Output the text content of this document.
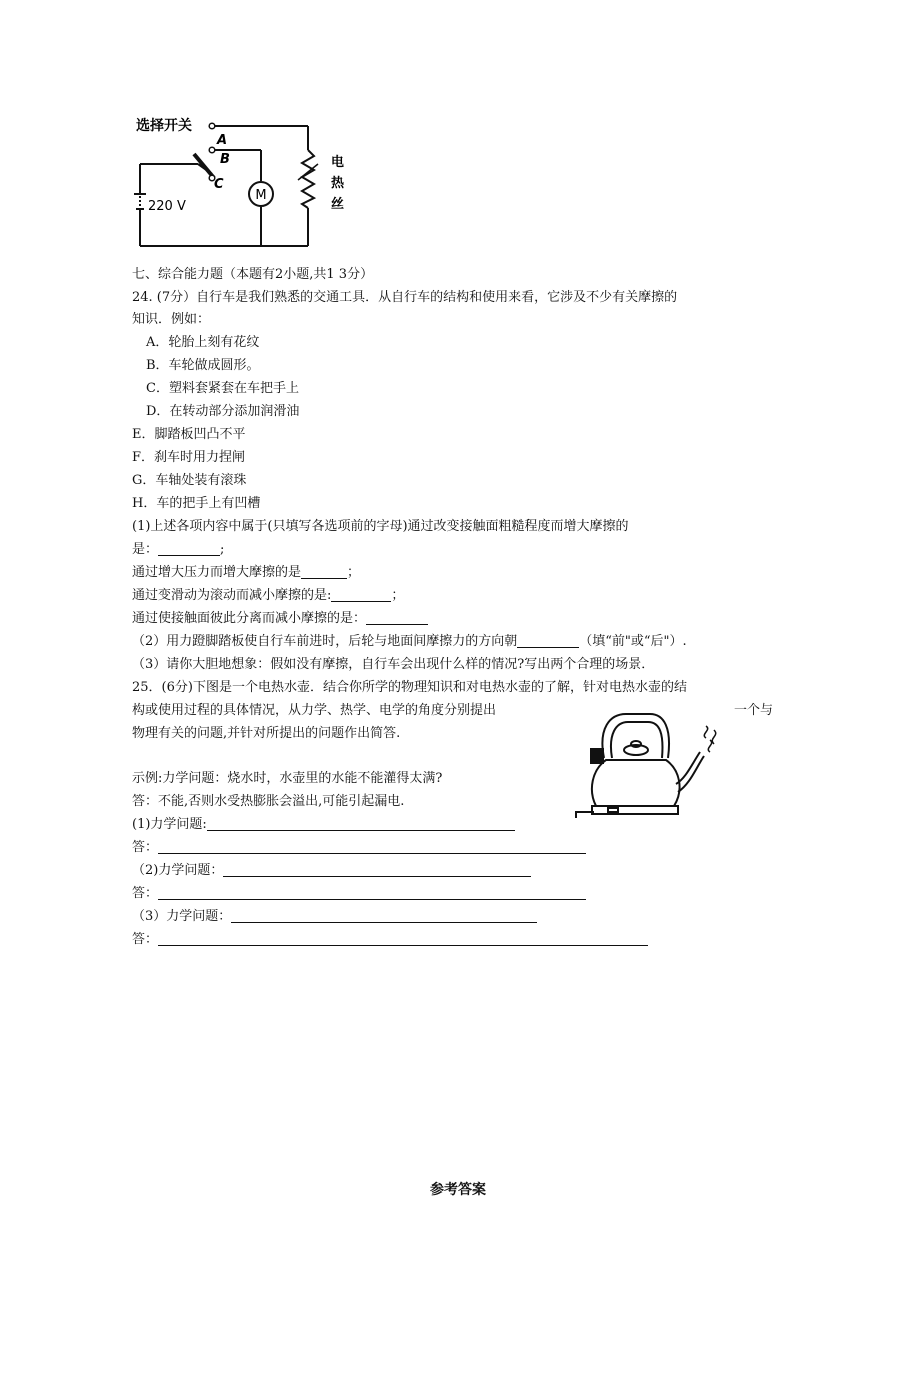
M
选择开关
A
B
C
220 V
电
热
丝
七、综合能力题（本题有2小题,共1 3分）
24. (7分）自行车是我们熟悉的交通工具．从自行车的结构和使用来看，它涉及不少有关摩擦的
知识．例如：
A．轮胎上刻有花纹
B．车轮做成圆形。
C．塑料套紧套在车把手上
D．在转动部分添加润滑油
E．脚踏板凹凸不平
F．刹车时用力捏闸
G．车轴处装有滚珠
H．车的把手上有凹槽
(1)上述各项内容中属于(只填写各选项前的字母)通过改变接触面粗糙程度而增大摩擦的
是：	;
通过增大压力而增大摩擦的是	；
通过变滑动为滚动而减小摩擦的是:	；
通过使接触面彼此分离而减小摩擦的是：
（2）用力蹬脚踏板使自行车前进时，后轮与地面间摩擦力的方向朝	（填“前"或“后"）.
（3）请你大胆地想象：假如没有摩擦，自行车会出现什么样的情况?写出两个合理的场景．
25．(6分)下图是一个电热水壶．结合你所学的物理知识和对电热水壶的了解，针对电热水壶的结
构或使用过程的具体情况，从力学、热学、电学的角度分别提出	一个与
物理有关的问题,并针对所提出的问题作出简答.
示例:力学问题：烧水时，水壶里的水能不能灌得太满?
答：不能,否则水受热膨胀会溢出,可能引起漏电.
(1)力学问题:
答：
（2)力学问题：
答：
（3）力学问题：
答：
参考答案
